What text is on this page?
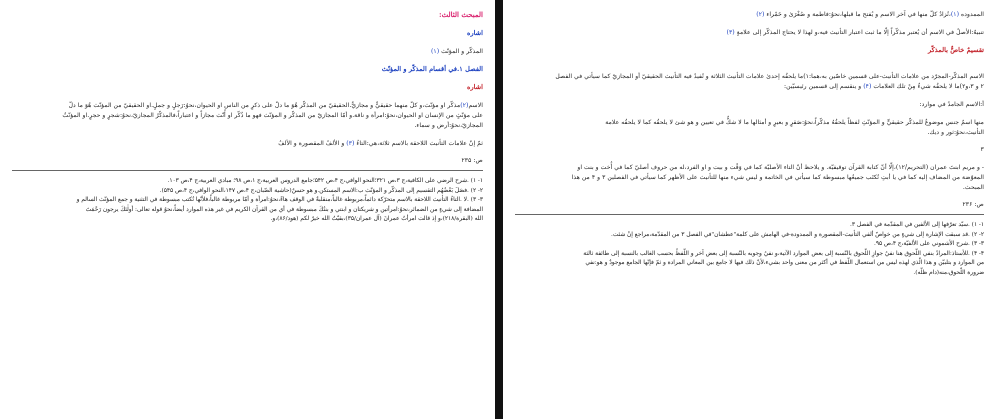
المبحث الثالث:

اشاره

المذكّر و المؤنّث (۱)

الفصل ۱.في أقسام المذكّر و المؤنّث

اشاره

الاسم(۲)مذكّر او مؤنّث،و كلّ منهما حقيقيٌّ و مجازيٌّ.الحقيقيّ من المذكّر هُوَ ما دلّ على ذكرٍ من الناس او الحيوان،نحوُ:رَجلٍ و جملٍ.او الحقيقيّ من المؤنّث هُوَ ما دلّ

على مؤنّثٍ من الإنسان او الحيوان،نحوُ:امرأة و ناقة.و أمّا المجازيّ من المذكّر و المؤنّث فهو ما ذُكّر او أُنّث مجازاً و اعتباراً،فالمذكّرُ المجازيّ،نحوُ:شجرٍ و حجرٍ.او المؤنّثُ

المجازيّ،نحوُ:أرض و سماء.

ثمّ إنّ علامات التأنيث اللاحقة بالاسم ثلاثة،هي:التاءُ (۳) و الألفُ المقصورة و الألفُ

ص: ۲۳۵

۱- ۱) .شرح الرضي على الكافية،ج ۳،ص ۳۲۱؛النحو الوافي،ج ۴،ص ۵۴۲؛جامع الدروس العربية،ج ۱،ص ۹۸؛ مبادي العربية،ج ۴،ص ۱۰۳.

۲- ۲) .فصَلَ بَعْضُهُم التقسيم إلى المذكّر و المؤنّث ب:الاسم المستكن.و هو حسنٌ(حاشية الصّبان،ج ۴،ص ۱۴۷،النحو الوافي،ج ۴،ص ۵۴۵).

۳- ۳) .لا .التاءُ التأنيث اللاحقة بالاسم متحرّكة دائماً،مربوطة غالباً،منقلبةٌ في الوقف هاءً،نحوُ:امرأة و أمّا مربوطة غالباً،فلأنّها تُكتب مبسوطة في التثنية و جمع المؤنّث السالم و

المضافة إلى شيءٍ من الضمائر،نحوُ:امرأتين و شريكتان و ابنتي و بنتُكَ مبسوطة في أي من القرآن الكريم في غير هذه الموارد أيضاً،نحوُ قوله تعالى: أولٰئكَ يرجون رَحْمَتَ

الله (البقرة/۲۱۸)،و إذ قالت امرأتُ عمرانَ (آل عمران/۳۵)،بقيّتُ الله خيرٌ لكم (هود/۸۶)،و.

الممدوده (۱)،تُزادُ كلّ منها في آخر الاسم و يُفتح ما قبلها،نحوُ:فاطمة و صُغْرَىٰ و حَمْراء (۲)

تنبيهٌ:الأصلُ في الاسم أن يُعتبر مذكّراً إلّا ما ثبت اعتبار التأنيث فيه،و لهذا لا يحتاج المذكّر إلى علامةٍ (۳)

تقسيمٌ خاصٌّ بالمذكّر

الاسم المذكّر-المجرّد من علامات التأنيث-على قسمين خاصّين به،هما:۱)ما يلحقُه إحدىٰ علامات التأنيث الثلاثة و تُفيدُ فيه التأنيث الحقيقيّ أو المجازيّ كما سيأتي في الفصل

۲ و ۳،و۲)ما لا يلحقُه شيءٌ مِنْ تلك العلامات (۴) و ينقسم إلى قسمين رئيسيّين:

أ:الاسم الجامدُ في موارد:

منها اسمٌ جنس موضوعٌ للمذكّر حقيقيٍّ و المؤنّثِ لفظاً يلحقُهُ مذكّراً،نحوُ:صَقرٍ و بعيرٍ و أمثالها ما لا شكٌّ في تعيين و هو شئ لا يلحقُه كما لا يلحقُه علامة

التأنيث،نحوُ:ثور و ديك.

۳

- و مريم ابنتَ عمران (التحريم/۱۲)،إلّا أنّ كتابة القرآن توقيفيّة. و يلاحظ أنّ التاء الأصليّة كما في وَقْت و بيت و او الفرد،له من حروف أصليّ كما في أُخت و بنت او

المعوّضة من المضاف إليه كما في يا أبتِ تُكتَب جميعُها مبسوطة كما سيأتي في الخاتمة و ليس شيء منها للتأنيث على الأظهر كما سيأتي في الفصلين ۳ و ۴ من هذا

المبحث.

ص: ۲۳۶

۱- ۱) .سيّد تعرّفها إلى الألفين في المقدّمة في الفصل ۳.

۲- ۲) .قد سبقت الإشارة إلى شيءٍ من خواصّ ألفي التأنيث-المقصورة و الممدودة-في الهامش على كلمة"عطشان"في الفصل ۳ من المقدّمة،مراجع إنْ شئت.

۳- ۳) .شرح الأشموني على الألفيّة،ج ۴،ص ۹۵.

۴- ۴) .للأستاذ:المرادُ بنفي اللّحوق هنا نفيُ جوازِ اللّحوق بالنّسبة إلى بعض الموارد الآتية،و نفيُ وجوبه بالنّسبة إلى بعض آخر و اللّفظُ بحسب الغالب بالنسبة إلى طائفة ثالثة

من الموارد و بتلبيّن و هذا الّذي لهذه ليس من استعمال اللّفظ في أكثر من معنى واحد بشيء،لأنّ ذلك فيها لا جامع بين المعاني المرادة و ثمّ فإنّها الجامع موجودٌ و هو:نفي

ضرورة اللّحوق،منه(دام ظلّه).
